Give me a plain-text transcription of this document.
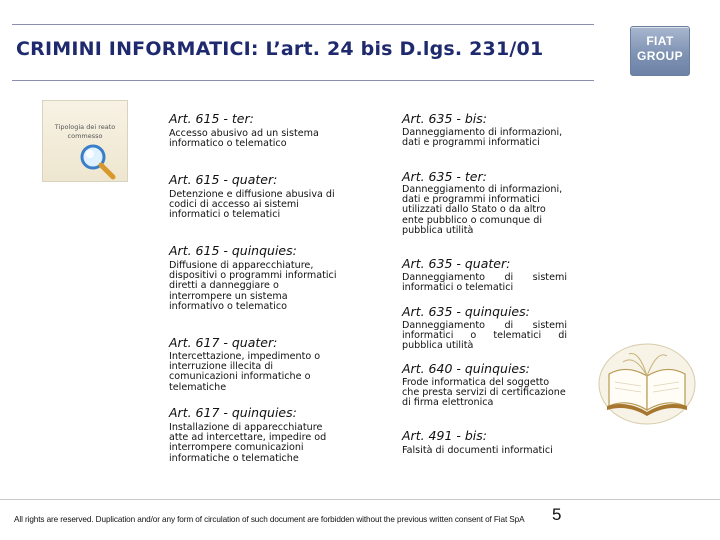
CRIMINI INFORMATICI: L’art. 24 bis D.lgs. 231/01	FIAT
GROUP
Tipologia dei reato commesso
Art. 615 - ter:
Accesso abusivo ad un sistema informatico o telematico
Art. 615 - quater:
Detenzione e diffusione abusiva di codici di accesso ai sistemi informatici o telematici
Art. 615 - quinquies:
Diffusione di apparecchiature, dispositivi o programmi informatici diretti a danneggiare o interrompere un sistema informativo o telematico
Art. 617 - quater:
Intercettazione, impedimento o interruzione illecita di comunicazioni informatiche o telematiche
Art. 617 - quinquies:
Installazione di apparecchiature atte ad intercettare, impedire od interrompere comunicazioni informatiche o telematiche
Art. 635 - bis:
Danneggiamento di informazioni, dati e programmi informatici
Art. 635 - ter:
Danneggiamento di informazioni, dati e programmi informatici utilizzati dallo Stato o da altro ente pubblico o comunque di pubblica utilità
Art. 635 - quater:
Danneggiamento di sistemi informatici o telematici
Art. 635 - quinquies:
Danneggiamento di sistemi informatici o telematici di pubblica utilità
Art. 640 - quinquies:
Frode informatica del soggetto che presta servizi di certificazione di firma elettronica
Art. 491 - bis:
Falsità di documenti informatici
All rights are reserved. Duplication and/or any form of circulation of such document are forbidden without the previous written consent of Fiat SpA 5
